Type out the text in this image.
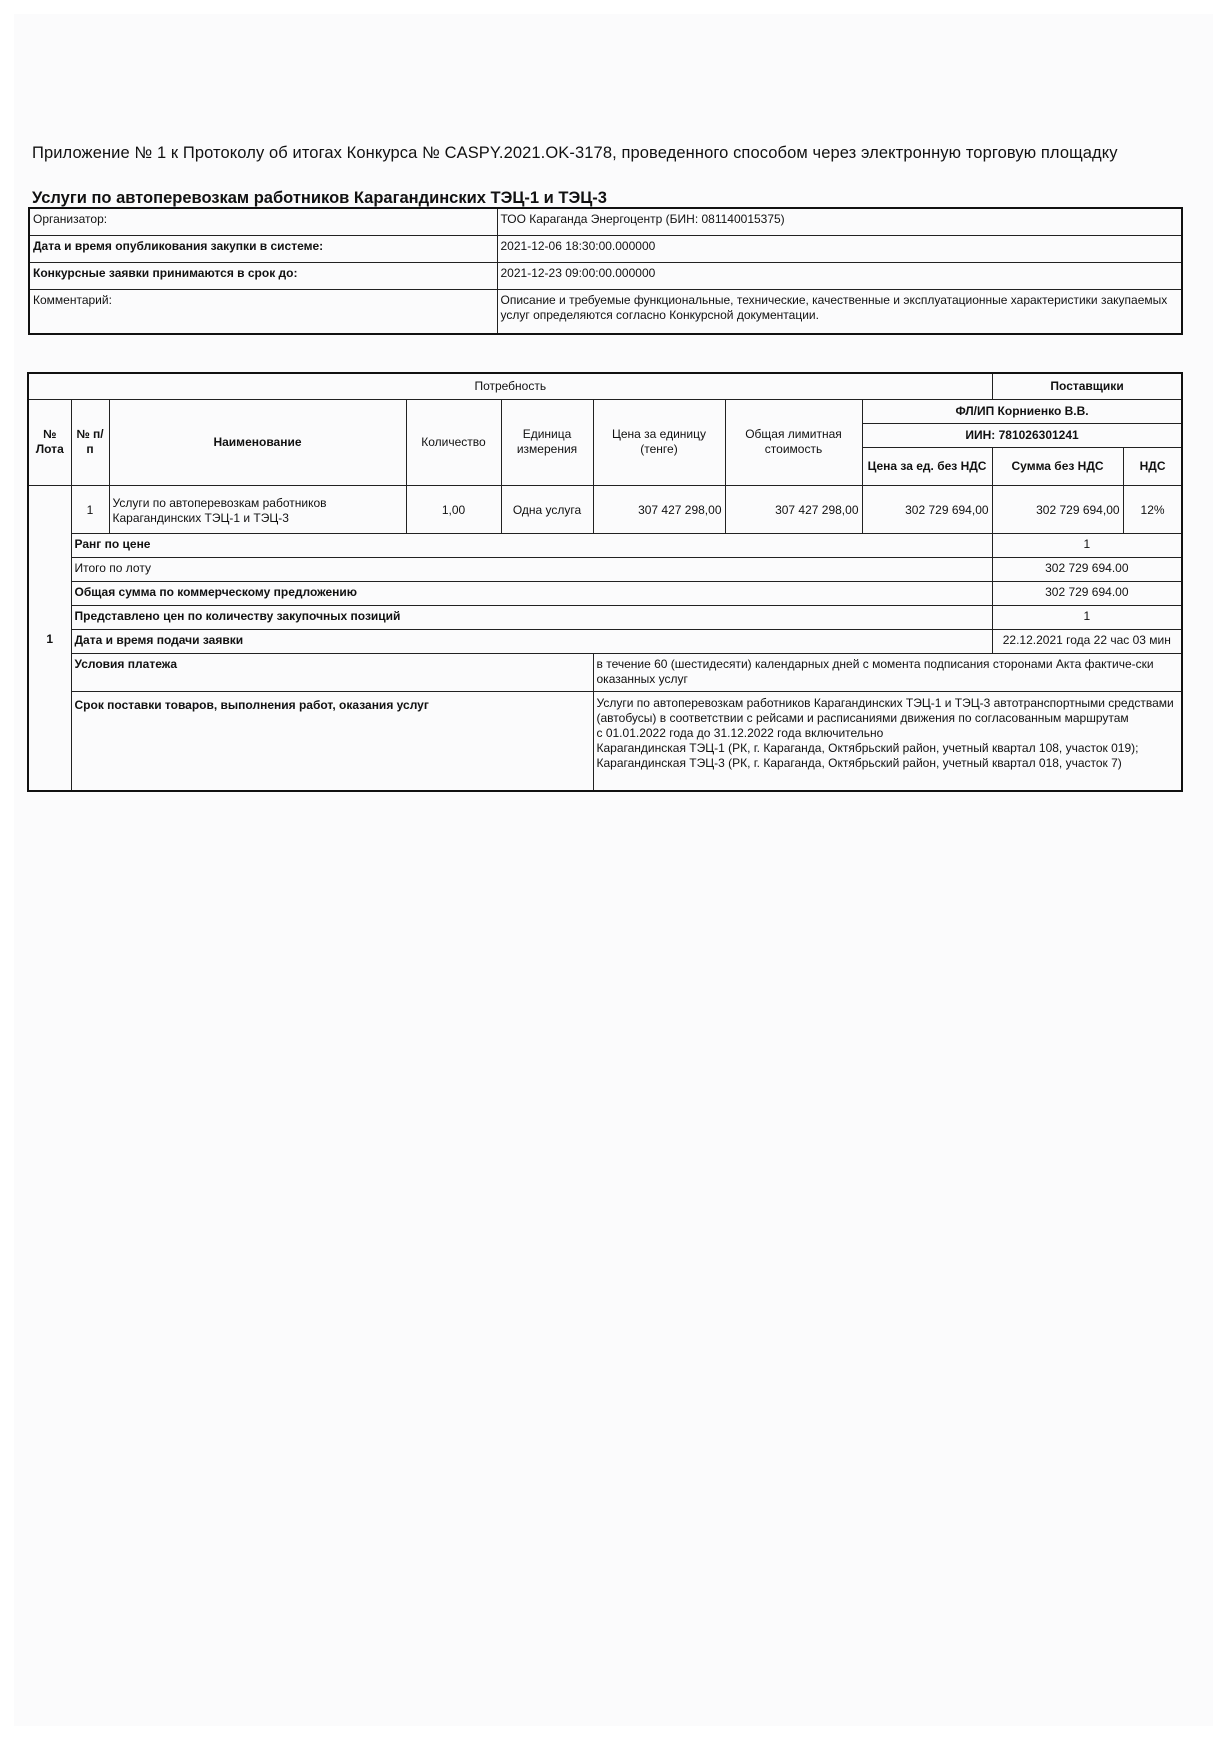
Приложение № 1 к Протоколу об итогах Конкурса № CASPY.2021.OK-3178, проведенного способом через электронную торговую площадку
Услуги по автоперевозкам работников Карагандинских ТЭЦ-1 и ТЭЦ-3
Организатор:	ТОО Караганда Энергоцентр (БИН: 081140015375)
Дата и время опубликования закупки в системе:	2021-12-06 18:30:00.000000
Конкурсные заявки принимаются в срок до:	2021-12-23 09:00:00.000000
Комментарий:	Описание и требуемые функциональные, технические, качественные и эксплуатационные характеристики закупаемых услуг определяются согласно Конкурсной документации.
Потребность								Поставщики	
№ Лота	№ п/п	Наименование	Количество	Единица измерения	Цена за единицу (тенге)	Общая лимитная стоимость	ФЛ/ИП Корниенко В.В.		
							ИИН: 781026301241		
							Цена за ед. без НДС	Сумма без НДС	НДС
1	1	Услуги по автоперевозкам работников Карагандинских ТЭЦ-1 и ТЭЦ-3	1,00	Одна услуга	307 427 298,00	307 427 298,00	302 729 694,00	302 729 694,00	12%
	Ранг по цене							1	
	Итого по лоту							302 729 694.00	
	Общая сумма по коммерческому предложению							302 729 694.00	
	Представлено цен по количеству закупочных позиций							1	
	Дата и время подачи заявки							22.12.2021 года 22 час 03 мин	
	Условия платежа				в течение 60 (шестидесяти) календарных дней с момента подписания сторонами Акта фактиче-ски оказанных услуг				
	Срок поставки товаров, выполнения работ, оказания услуг				Услуги по автоперевозкам работников Карагандинских ТЭЦ-1 и ТЭЦ-3 автотранспортными средствами (автобусы) в соответствии с рейсами и расписаниями движения по согласованным маршрутам
с 01.01.2022 года до 31.12.2022 года включительно
Карагандинская ТЭЦ-1 (РК, г. Караганда, Октябрьский район, учетный квартал 108, участок 019); Карагандинская ТЭЦ-3 (РК, г. Караганда, Октябрьский район, учетный квартал 018, участок 7)				
